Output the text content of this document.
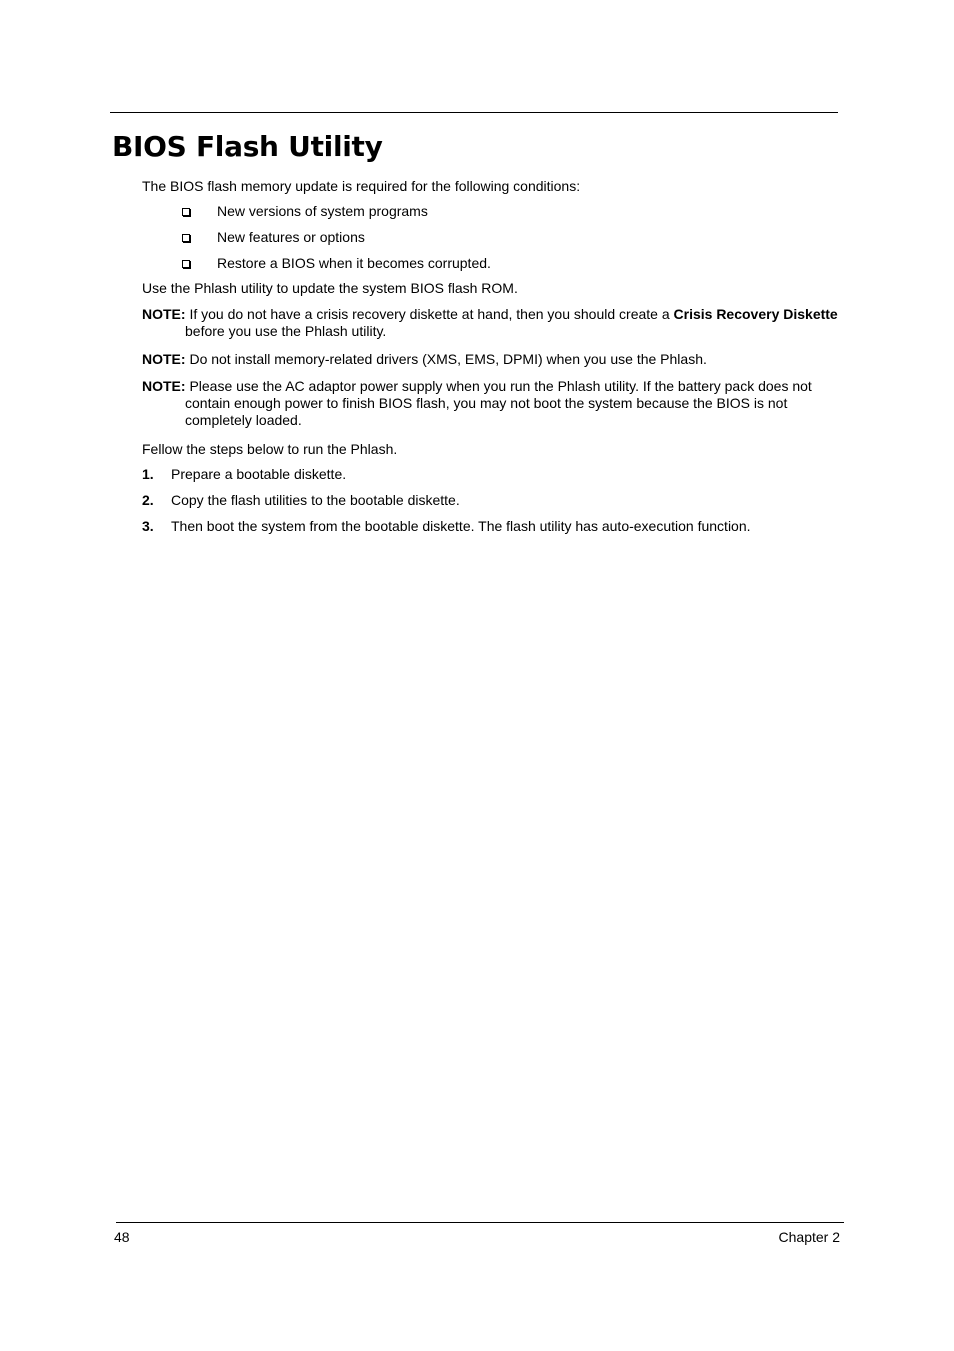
BIOS Flash Utility

The BIOS flash memory update is required for the following conditions:

New versions of system programs
New features or options
Restore a BIOS when it becomes corrupted.

Use the Phlash utility to update the system BIOS flash ROM.

NOTE: If you do not have a crisis recovery diskette at hand, then you should create a Crisis Recovery Diskette before you use the Phlash utility.
NOTE: Do not install memory-related drivers (XMS, EMS, DPMI) when you use the Phlash.
NOTE: Please use the AC adaptor power supply when you run the Phlash utility. If the battery pack does not contain enough power to finish BIOS flash, you may not boot the system because the BIOS is not completely loaded.

Fellow the steps below to run the Phlash.

1. Prepare a bootable diskette.
2. Copy the flash utilities to the bootable diskette.
3. Then boot the system from the bootable diskette. The flash utility has auto-execution function.
48	Chapter 2
